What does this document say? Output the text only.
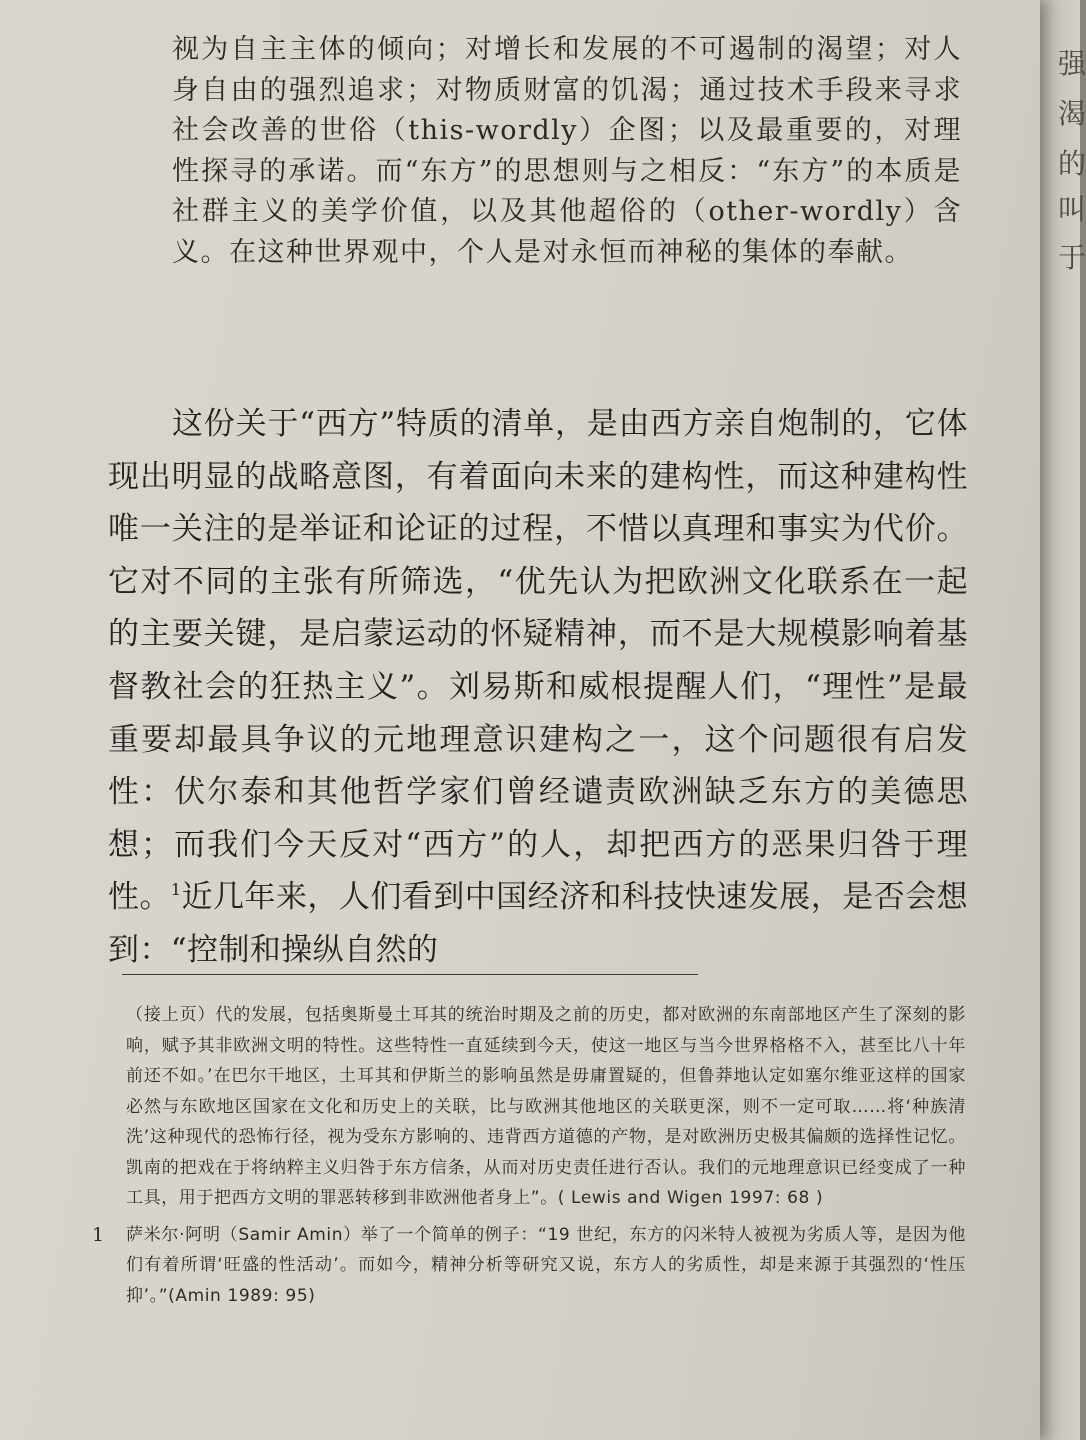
强
渴
的
叫
于

视为自主主体的倾向；对增长和发展的不可遏制的渴望；对人身自由的强烈追求；对物质财富的饥渴；通过技术手段来寻求社会改善的世俗（this-wordly）企图；以及最重要的，对理性探寻的承诺。而“东方”的思想则与之相反：“东方”的本质是社群主义的美学价值，以及其他超俗的（other-wordly）含义。在这种世界观中，个人是对永恒而神秘的集体的奉献。

这份关于“西方”特质的清单，是由西方亲自炮制的，它体现出明显的战略意图，有着面向未来的建构性，而这种建构性唯一关注的是举证和论证的过程，不惜以真理和事实为代价。它对不同的主张有所筛选，“优先认为把欧洲文化联系在一起的主要关键，是启蒙运动的怀疑精神，而不是大规模影响着基督教社会的狂热主义”。刘易斯和威根提醒人们，“理性”是最重要却最具争议的元地理意识建构之一，这个问题很有启发性：伏尔泰和其他哲学家们曾经谴责欧洲缺乏东方的美德思想；而我们今天反对“西方”的人，却把西方的恶果归咎于理性。$^1$近几年来，人们看到中国经济和科技快速发展，是否会想到：“控制和操纵自然的

（接上页）代的发展，包括奥斯曼土耳其的统治时期及之前的历史，都对欧洲的东南部地区产生了深刻的影响，赋予其非欧洲文明的特性。这些特性一直延续到今天，使这一地区与当今世界格格不入，甚至比八十年前还不如。’在巴尔干地区，土耳其和伊斯兰的影响虽然是毋庸置疑的，但鲁莽地认定如塞尔维亚这样的国家必然与东欧地区国家在文化和历史上的关联，比与欧洲其他地区的关联更深，则不一定可取……将‘种族清洗’这种现代的恐怖行径，视为受东方影响的、违背西方道德的产物，是对欧洲历史极其偏颇的选择性记忆。凯南的把戏在于将纳粹主义归咎于东方信条，从而对历史责任进行否认。我们的元地理意识已经变成了一种工具，用于把西方文明的罪恶转移到非欧洲他者身上”。( Lewis and Wigen 1997: 68 )

1 萨米尔·阿明（Samir Amin）举了一个简单的例子：“19 世纪，东方的闪米特人被视为劣质人等，是因为他们有着所谓‘旺盛的性活动’。而如今，精神分析等研究又说，东方人的劣质性，却是来源于其强烈的‘性压抑’。”(Amin 1989: 95)
